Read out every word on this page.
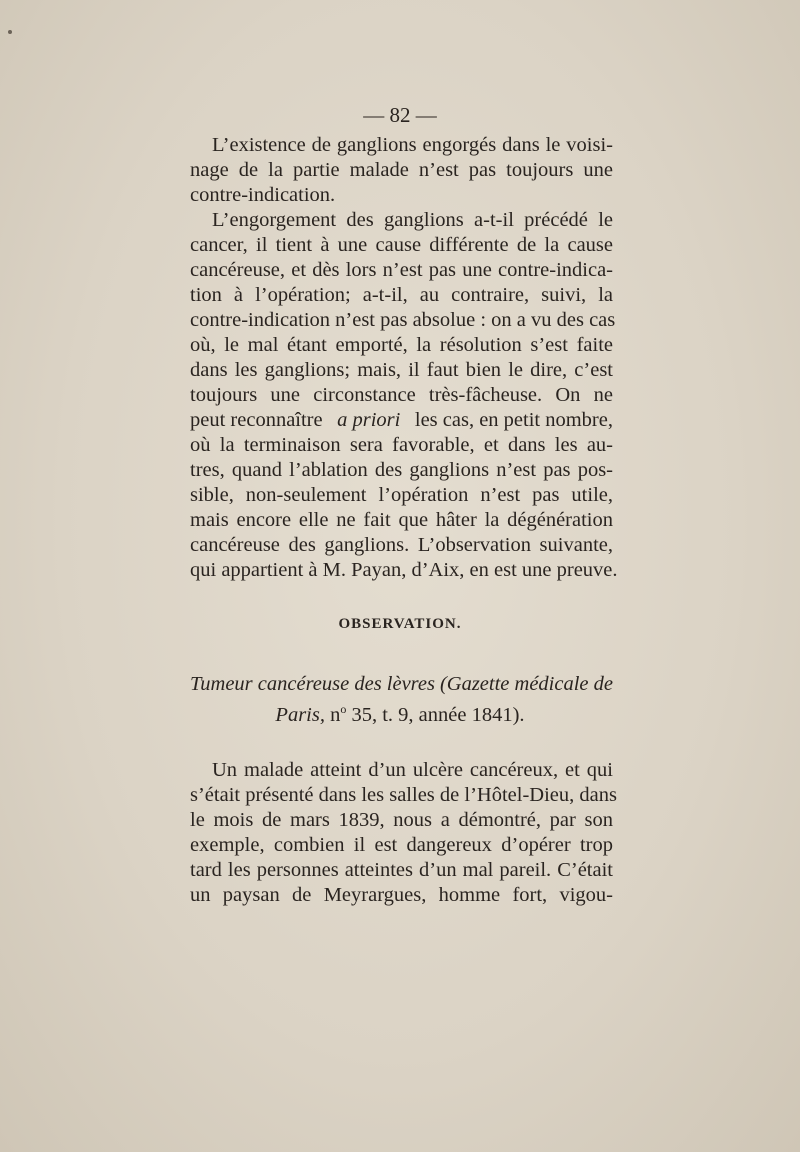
— 82 —
L’existence de ganglions engorgés dans le voisi-
nage de la partie malade n’est pas toujours une
contre-indication.
L’engorgement des ganglions a-t-il précédé le
cancer, il tient à une cause différente de la cause
cancéreuse, et dès lors n’est pas une contre-indica-
tion à l’opération; a-t-il, au contraire, suivi, la
contre-indication n’est pas absolue : on a vu des cas
où, le mal étant emporté, la résolution s’est faite
dans les ganglions; mais, il faut bien le dire, c’est
toujours une circonstance très-fâcheuse. On ne
peut reconnaître a priori les cas, en petit nombre,
où la terminaison sera favorable, et dans les au-
tres, quand l’ablation des ganglions n’est pas pos-
sible, non-seulement l’opération n’est pas utile,
mais encore elle ne fait que hâter la dégénération
cancéreuse des ganglions. L’observation suivante,
qui appartient à M. Payan, d’Aix, en est une preuve.
OBSERVATION.
Tumeur cancéreuse des lèvres (Gazette médicale de
Paris, $n^o$ 35, t. 9, année 1841).
Un malade atteint d’un ulcère cancéreux, et qui
s’était présenté dans les salles de l’Hôtel-Dieu, dans
le mois de mars 1839, nous a démontré, par son
exemple, combien il est dangereux d’opérer trop
tard les personnes atteintes d’un mal pareil. C’était
un paysan de Meyrargues, homme fort, vigou-
